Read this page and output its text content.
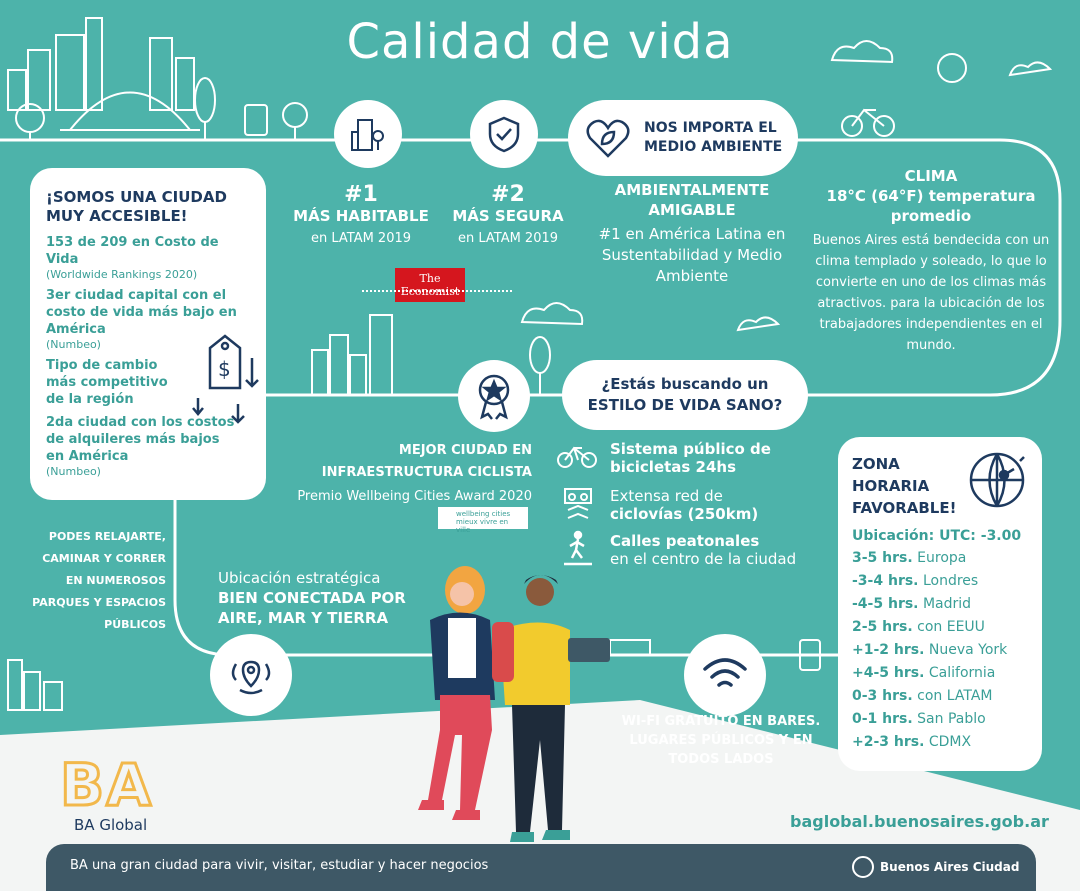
Calidad de vida
¡SOMOS UNA CIUDAD MUY ACCESIBLE!
153 de 209 en Costo de Vida
(Worldwide Rankings 2020)
3er ciudad capital con el costo de vida más bajo en América
(Numbeo)
Tipo de cambio más competitivo de la región
2da ciudad con los costos de alquileres más bajos en América
(Numbeo)
$
#1
MÁS HABITABLE
en LATAM 2019
#2
MÁS SEGURA
en LATAM 2019
The
Economist
NOS IMPORTA EL MEDIO AMBIENTE
AMBIENTALMENTE AMIGABLE
#1 en América Latina en Sustentabilidad y Medio Ambiente
CLIMA
18°C (64°F) temperatura promedio
Buenos Aires está bendecida con un clima templado y soleado, lo que lo convierte en uno de los climas más atractivos. para la ubicación de los trabajadores independientes en el mundo.
¿Estás buscando un ESTILO DE VIDA SANO?
MEJOR CIUDAD EN INFRAESTRUCTURA CICLISTA
Premio Wellbeing Cities Award 2020
wellbeing cities mieux vivre en ville
Sistema público de bicicletas 24hs
Extensa red de
ciclovías (250km)
Calles peatonales
en el centro de la ciudad
PODES RELAJARTE, CAMINAR Y CORRER EN NUMEROSOS PARQUES Y ESPACIOS PÚBLICOS
Ubicación estratégica
BIEN CONECTADA POR AIRE, MAR Y TIERRA
WI-FI GRATUITO EN BARES. LUGARES PÚBLICOS Y EN TODOS LADOS
ZONA HORARIA FAVORABLE!
Ubicación: UTC: -3.00
3-5 hrs. Europa
-3-4 hrs. Londres
-4-5 hrs. Madrid
2-5 hrs. con EEUU
+1-2 hrs. Nueva York
+4-5 hrs. California
0-3 hrs. con LATAM
0-1 hrs. San Pablo
+2-3 hrs. CDMX
BA
BA Global	baglobal.buenosaires.gob.ar
BA una gran ciudad para vivir, visitar, estudiar y hacer negocios	Buenos Aires Ciudad
